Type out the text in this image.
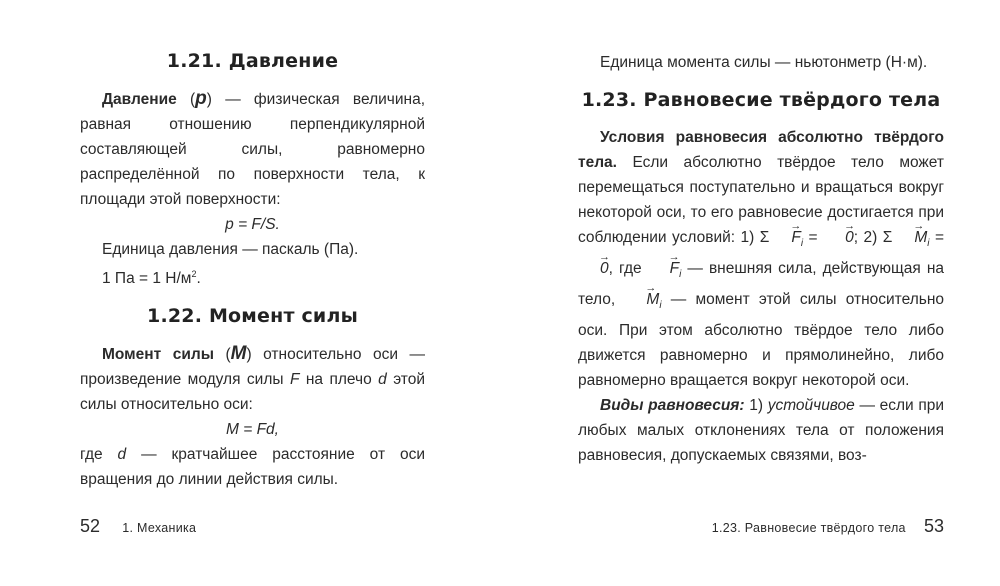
1.21. Давление

Давление (p) — физическая величина, равная отношению перпендикулярной составляющей силы, равномерно распределённой по поверхности тела, к площади этой поверхности:

p = F/S.

Единица давления — паскаль (Па).

1 Па = 1 $Н/м^2$.

1.22. Момент силы

Момент силы (M) относительно оси — произведение модуля силы F на плечо d этой силы относительно оси:

M = Fd,

где d — кратчайшее расстояние от оси вращения до линии действия силы.

Единица момента силы — ньютонметр (Н·м).

1.23. Равновесие твёрдого тела

Условия равновесия абсолютно твёрдого тела. Если абсолютно твёрдое тело может перемещаться поступательно и вращаться вокруг некоторой оси, то его равновесие достигается при соблюдении условий: 1) $\Sigma \to F_i$ = → 0; 2) $\Sigma \to M_i$ = → 0, где → $F_i$ — внешняя сила, действующая на тело, → $M_i$ — момент этой силы относительно оси. При этом абсолютно твёрдое тело либо движется равномерно и прямолинейно, либо равномерно вращается вокруг некоторой оси.

Виды равновесия: 1) устойчивое — если при любых малых отклонениях тела от положения равновесия, допускаемых связями, воз-

52 1. Механика	1.23. Равновесие твёрдого тела 53
